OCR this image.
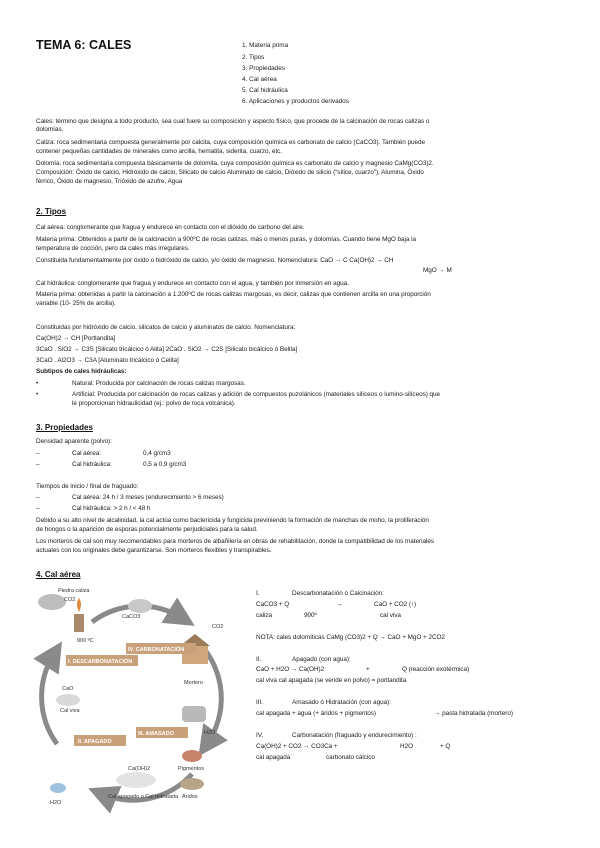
TEMA 6: CALES	1. Materia prima
2. Tipos
3. Propiedades
4. Cal aérea
5. Cal hidráulica
6. Aplicaciones y productos derivados
Cales: término que designa a todo producto, sea cual fuere su composición y aspecto físico, que procede de la calcinación de rocas calizas o
dolomías.
Caliza: roca sedimentaria compuesta generalmente por calcita, cuya composición química es carbonato de calcio (CaCO3). También puede
contener pequeñas cantidades de minerales como arcilla, hematita, siderita, cuarzo, etc.
Dolomía: roca sedimentaria compuesta básicamente de dolomita, cuya composición química es carbonato de calcio y magnesio CaMg(CO3)2.
Composición: Óxido de calcio, Hidróxido de calcio, Silicato de calcio Aluminato de calcio, Dióxido de silicio (“sílice, cuarzo”), Alumina, Óxido
férrico, Óxido de magnesio, Trióxido de azufre, Agua
2. Tipos
Cal aérea: conglomerante que fragua y endurece en contacto con el dióxido de carbono del aire.
Materia prima: Obtenidos a partir de la calcinación a 900ºC de rocas calizas, más o menos puras, y dolomías. Cuando tiene MgO baja la
temperatura de cocción, pero da cales más irregulares.
Constituida fundamentalmente por óxido o hidróxido de calcio, y/o óxido de magnesio. Nomenclatura: CaO → C Ca(OH)2 → CH
MgO → M
Cal hidráulica: conglomerante que fragua y endurece en contacto con el agua, y también por inmersión en agua.
Materia prima: obtenidas a partir la calcinación a 1.200ºC de rocas calizas margosas, es decir, calizas que contienen arcilla en una proporción
variable (10- 25% de arcilla).
Constituidas por hidróxido de calcio, silicatos de calcio y aluminatos de calcio. Nomenclatura:
Ca(OH)2 → CH [Portlandita]
3CaO . SiO2 → C3S [Silicato tricálcico ó Alita] 2CaO . SiO2 → C2S [Silicato bicálcico ó Belita]
3CaO . Al2O3 → C3A [Aluminato tricálcico ó Celita]
Subtipos de cales hidráulicas:
•	Natural: Producida por calcinación de rocas calizas margosas.
•	Artificial: Producida por calcinación de rocas calizas y adición de compuestos puzolánicos (materiales silíceos o lumino-silíceos) que
le proporcionan hidraulicidad (ej.: polvo de roca volcánica).
3. Propiedades
Densidad aparente (polvo):
–	Cal aérea:	0,4 g/cm3
–	Cal hidráulica:	0,5 a 0,9 g/cm3
Tiempos de inicio / final de fraguado:
–	Cal aérea: 24 h / 3 meses (endurecimiento > 6 meses)
–	Cal hidráulica: > 2 h / < 48 h
Debido a su alto nivel de alcalinidad, la cal actúa como bactericida y fungicida previniendo la formación de manchas de moho, la proliferación
de hongos o la aparición de esporas potencialmente perjudiciales para la salud.
Los morteros de cal son muy recomendables para morteros de albañilería en obras de rehabilitación, donde la compatibilidad de los materiales
actuales con los originales debe garantizarse. Son morteros flexibles y transpirables.
4. Cal aérea
Piedra caliza
CO2
CaCO3
900 ºC
I. DESCARBONATACIÓN
IV. CARBONATACIÓN
CaO
Cal viva
II. APAGADO
III. AMASADO
Mortero
H2O
CO2
Ca(OH)2
Cal apagado o Cal hidratada
Pigmentos
Áridos
H2O
I.	Descarbonatación ó Calcinación:
CaCO3 + Q	→	CaO + CO2 (↑)
caliza	900º	cal viva
NOTA: cales dolomíticas CaMg (CO3)2 + Q → CaO + MgO + 2CO2
II.	Apagado (con agua):
CaO + H2O → Ca(OH)2	+	Q (reacción exotérmica)
cal viva cal apagada (se vende en polvo) = portlandita
III.	Amasado ó Hidratación (con agua):
cal apagada + agua (+ áridos + pigmentos)	→ pasta hidratada (mortero)
IV.	Carbonatación (fraguado y endurecimiento) :
Ca(OH)2 + CO2 → CO3Ca +	H2O	+ Q
cal apagada	carbonato cálcico
